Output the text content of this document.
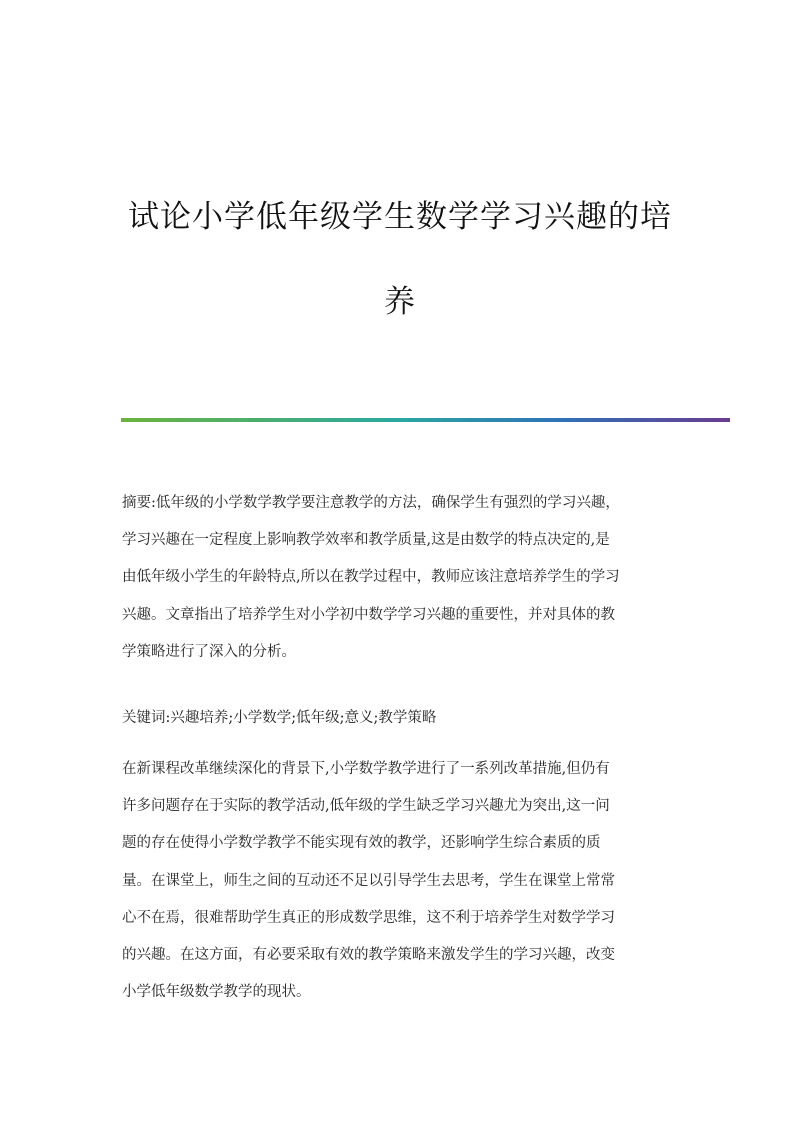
试论小学低年级学生数学学习兴趣的培
养
摘要:低年级的小学数学教学要注意教学的方法，确保学生有强烈的学习兴趣，
学习兴趣在一定程度上影响教学效率和教学质量,这是由数学的特点决定的,是
由低年级小学生的年龄特点,所以在教学过程中，教师应该注意培养学生的学习
兴趣。文章指出了培养学生对小学初中数学学习兴趣的重要性，并对具体的教
学策略进行了深入的分析。
关键词:兴趣培养;小学数学;低年级;意义;教学策略
在新课程改革继续深化的背景下,小学数学教学进行了一系列改革措施,但仍有
许多问题存在于实际的教学活动,低年级的学生缺乏学习兴趣尤为突出,这一问
题的存在使得小学数学教学不能实现有效的教学，还影响学生综合素质的质
量。在课堂上，师生之间的互动还不足以引导学生去思考，学生在课堂上常常
心不在焉，很难帮助学生真正的形成数学思维，这不利于培养学生对数学学习
的兴趣。在这方面，有必要采取有效的教学策略来激发学生的学习兴趣，改变
小学低年级数学教学的现状。
